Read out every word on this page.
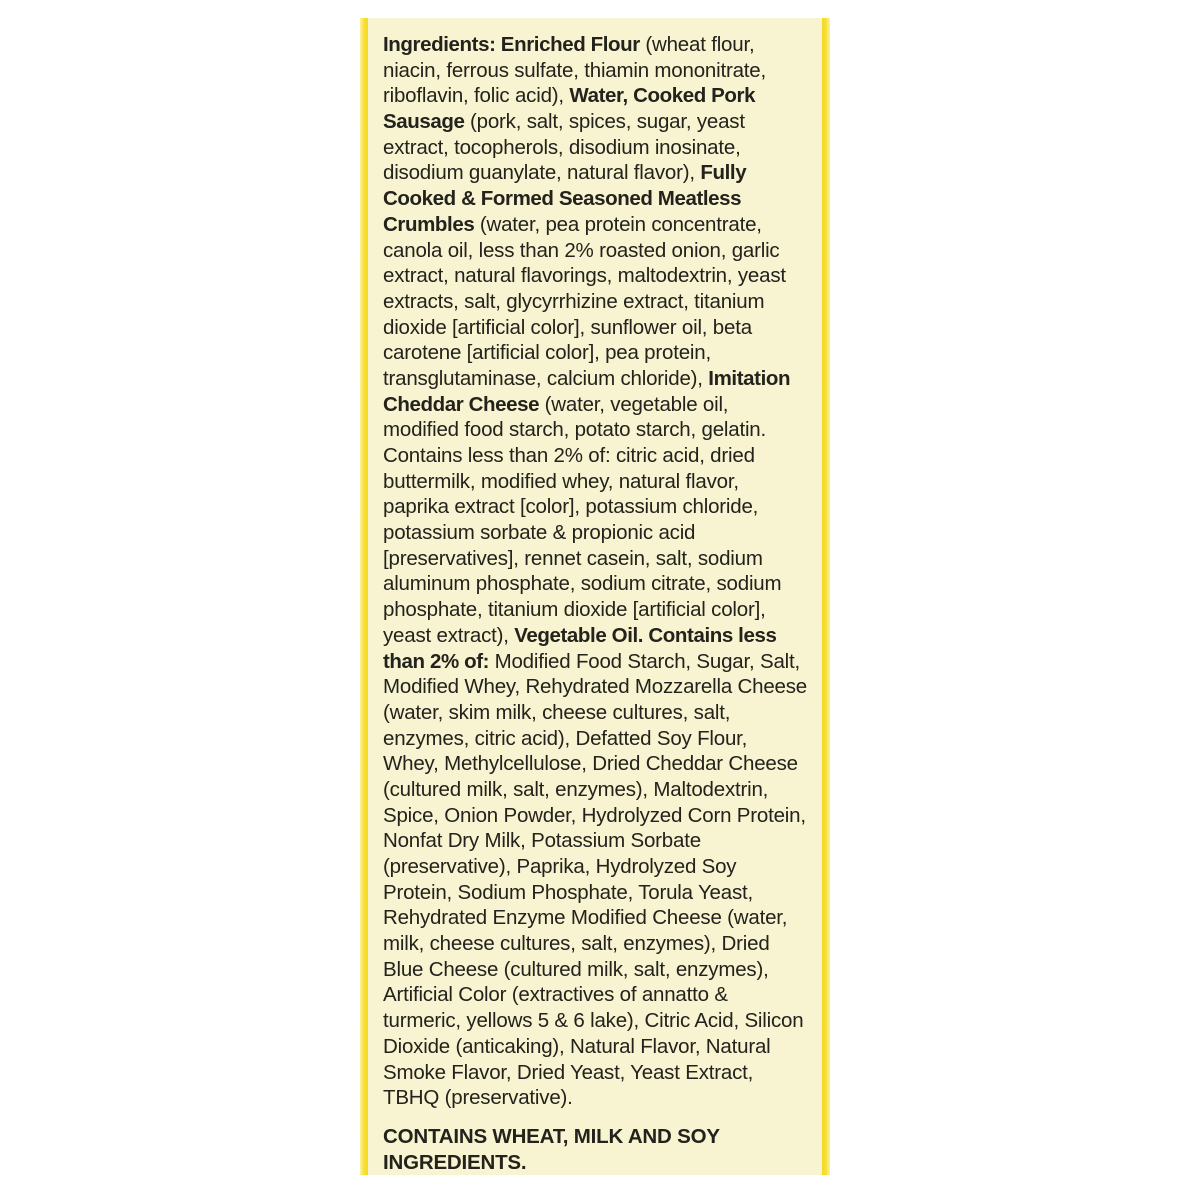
Ingredients: Enriched Flour (wheat flour,
niacin, ferrous sulfate, thiamin mononitrate,
riboflavin, folic acid), Water, Cooked Pork
Sausage (pork, salt, spices, sugar, yeast
extract, tocopherols, disodium inosinate,
disodium guanylate, natural flavor), Fully
Cooked & Formed Seasoned Meatless
Crumbles (water, pea protein concentrate,
canola oil, less than 2% roasted onion, garlic
extract, natural flavorings, maltodextrin, yeast
extracts, salt, glycyrrhizine extract, titanium
dioxide [artificial color], sunflower oil, beta
carotene [artificial color], pea protein,
transglutaminase, calcium chloride), Imitation
Cheddar Cheese (water, vegetable oil,
modified food starch, potato starch, gelatin.
Contains less than 2% of: citric acid, dried
buttermilk, modified whey, natural flavor,
paprika extract [color], potassium chloride,
potassium sorbate & propionic acid
[preservatives], rennet casein, salt, sodium
aluminum phosphate, sodium citrate, sodium
phosphate, titanium dioxide [artificial color],
yeast extract), Vegetable Oil. Contains less
than 2% of: Modified Food Starch, Sugar, Salt,
Modified Whey, Rehydrated Mozzarella Cheese
(water, skim milk, cheese cultures, salt,
enzymes, citric acid), Defatted Soy Flour,
Whey, Methylcellulose, Dried Cheddar Cheese
(cultured milk, salt, enzymes), Maltodextrin,
Spice, Onion Powder, Hydrolyzed Corn Protein,
Nonfat Dry Milk, Potassium Sorbate
(preservative), Paprika, Hydrolyzed Soy
Protein, Sodium Phosphate, Torula Yeast,
Rehydrated Enzyme Modified Cheese (water,
milk, cheese cultures, salt, enzymes), Dried
Blue Cheese (cultured milk, salt, enzymes),
Artificial Color (extractives of annatto &
turmeric, yellows 5 & 6 lake), Citric Acid, Silicon
Dioxide (anticaking), Natural Flavor, Natural
Smoke Flavor, Dried Yeast, Yeast Extract,
TBHQ (preservative).
CONTAINS WHEAT, MILK AND SOY
INGREDIENTS.
